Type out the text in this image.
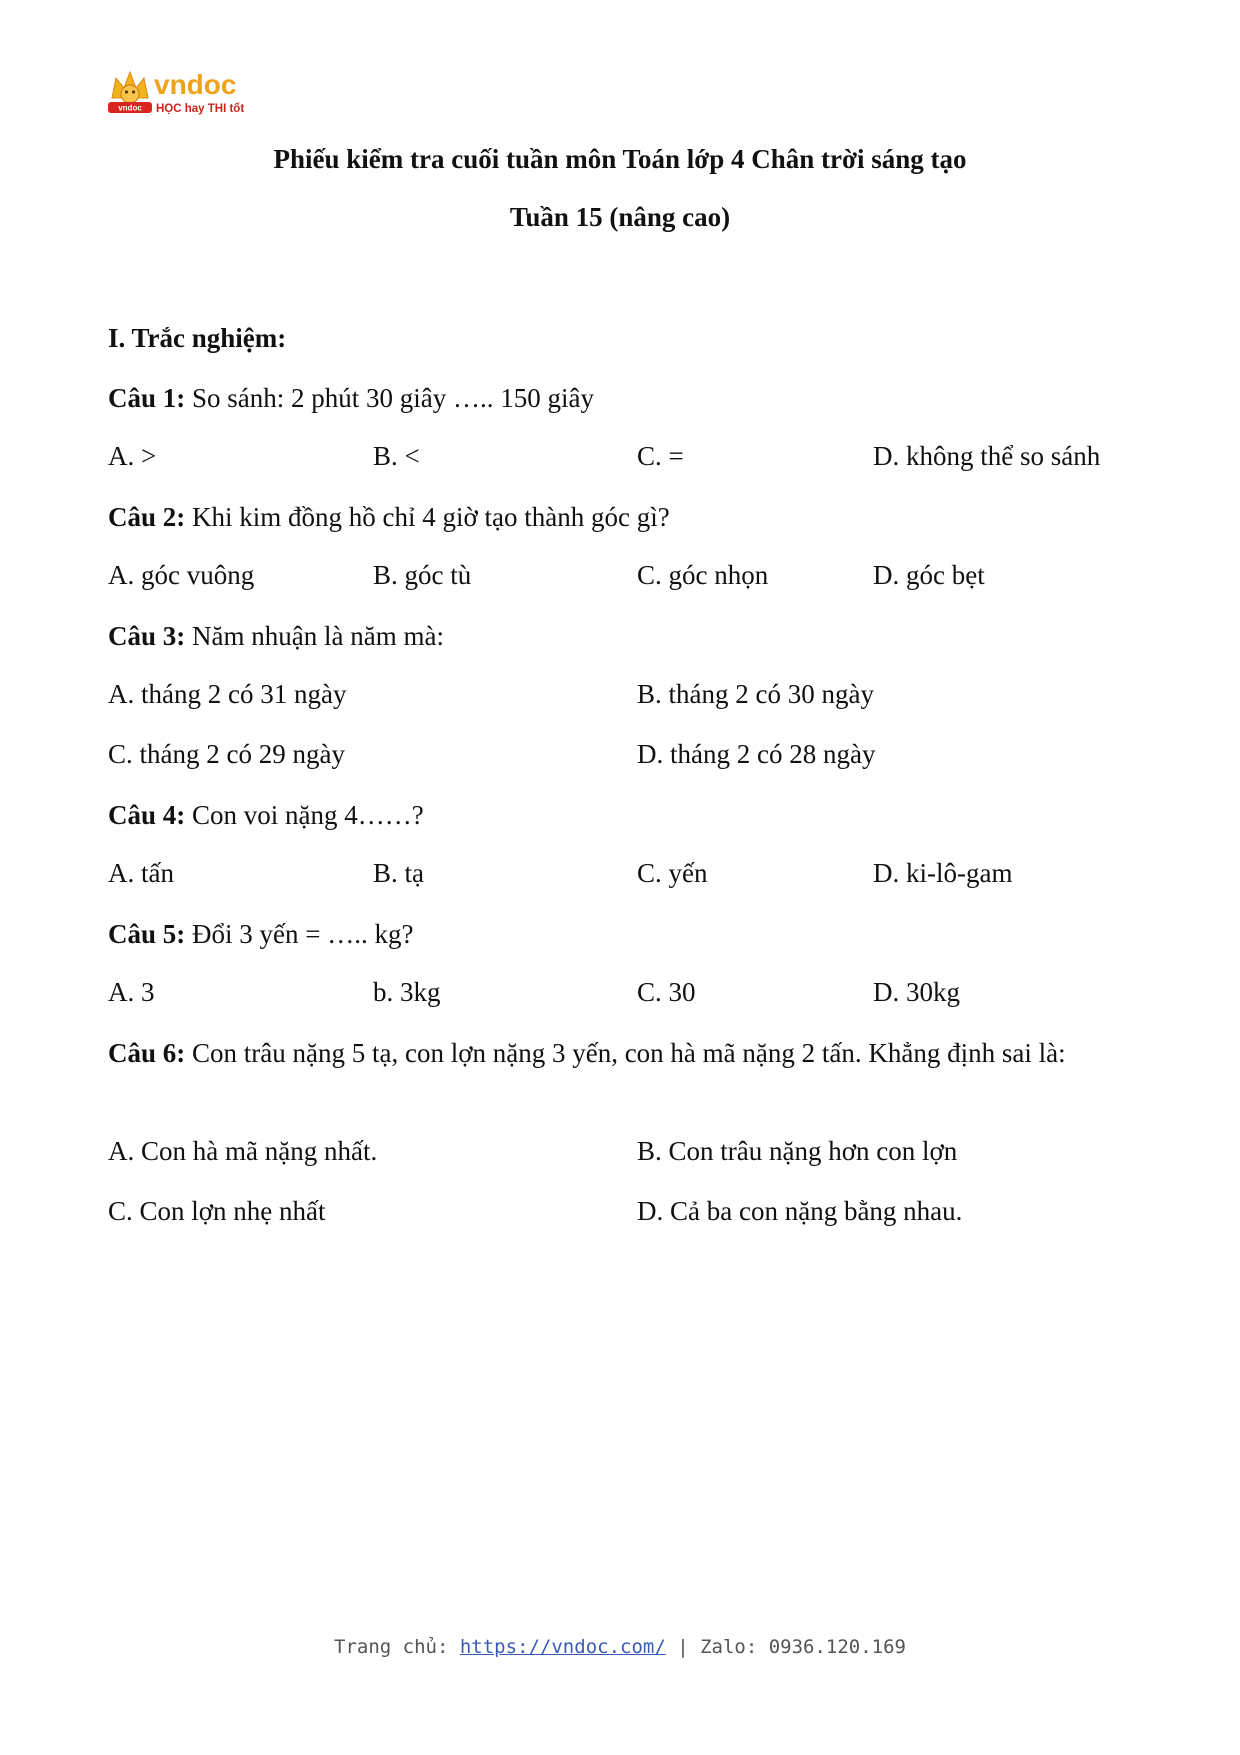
vndoc
vndoc
HỌC hay THI tốt
Phiếu kiểm tra cuối tuần môn Toán lớp 4 Chân trời sáng tạo
Tuần 15 (nâng cao)
I. Trắc nghiệm:
Câu 1: So sánh: 2 phút 30 giây ….. 150 giây
A. >	B. <	C. =	D. không thể so sánh
Câu 2: Khi kim đồng hồ chỉ 4 giờ tạo thành góc gì?
A. góc vuông	B. góc tù	C. góc nhọn	D. góc bẹt
Câu 3: Năm nhuận là năm mà:
A. tháng 2 có 31 ngày	B. tháng 2 có 30 ngày
C. tháng 2 có 29 ngày	D. tháng 2 có 28 ngày
Câu 4: Con voi nặng 4……?
A. tấn	B. tạ	C. yến	D. ki-lô-gam
Câu 5: Đổi 3 yến = ….. kg?
A. 3	b. 3kg	C. 30	D. 30kg
Câu 6: Con trâu nặng 5 tạ, con lợn nặng 3 yến, con hà mã nặng 2 tấn. Khẳng định sai là:
A. Con hà mã nặng nhất.	B. Con trâu nặng hơn con lợn
C. Con lợn nhẹ nhất	D. Cả ba con nặng bằng nhau.
Trang chủ: https://vndoc.com/ | Zalo: 0936.120.169
